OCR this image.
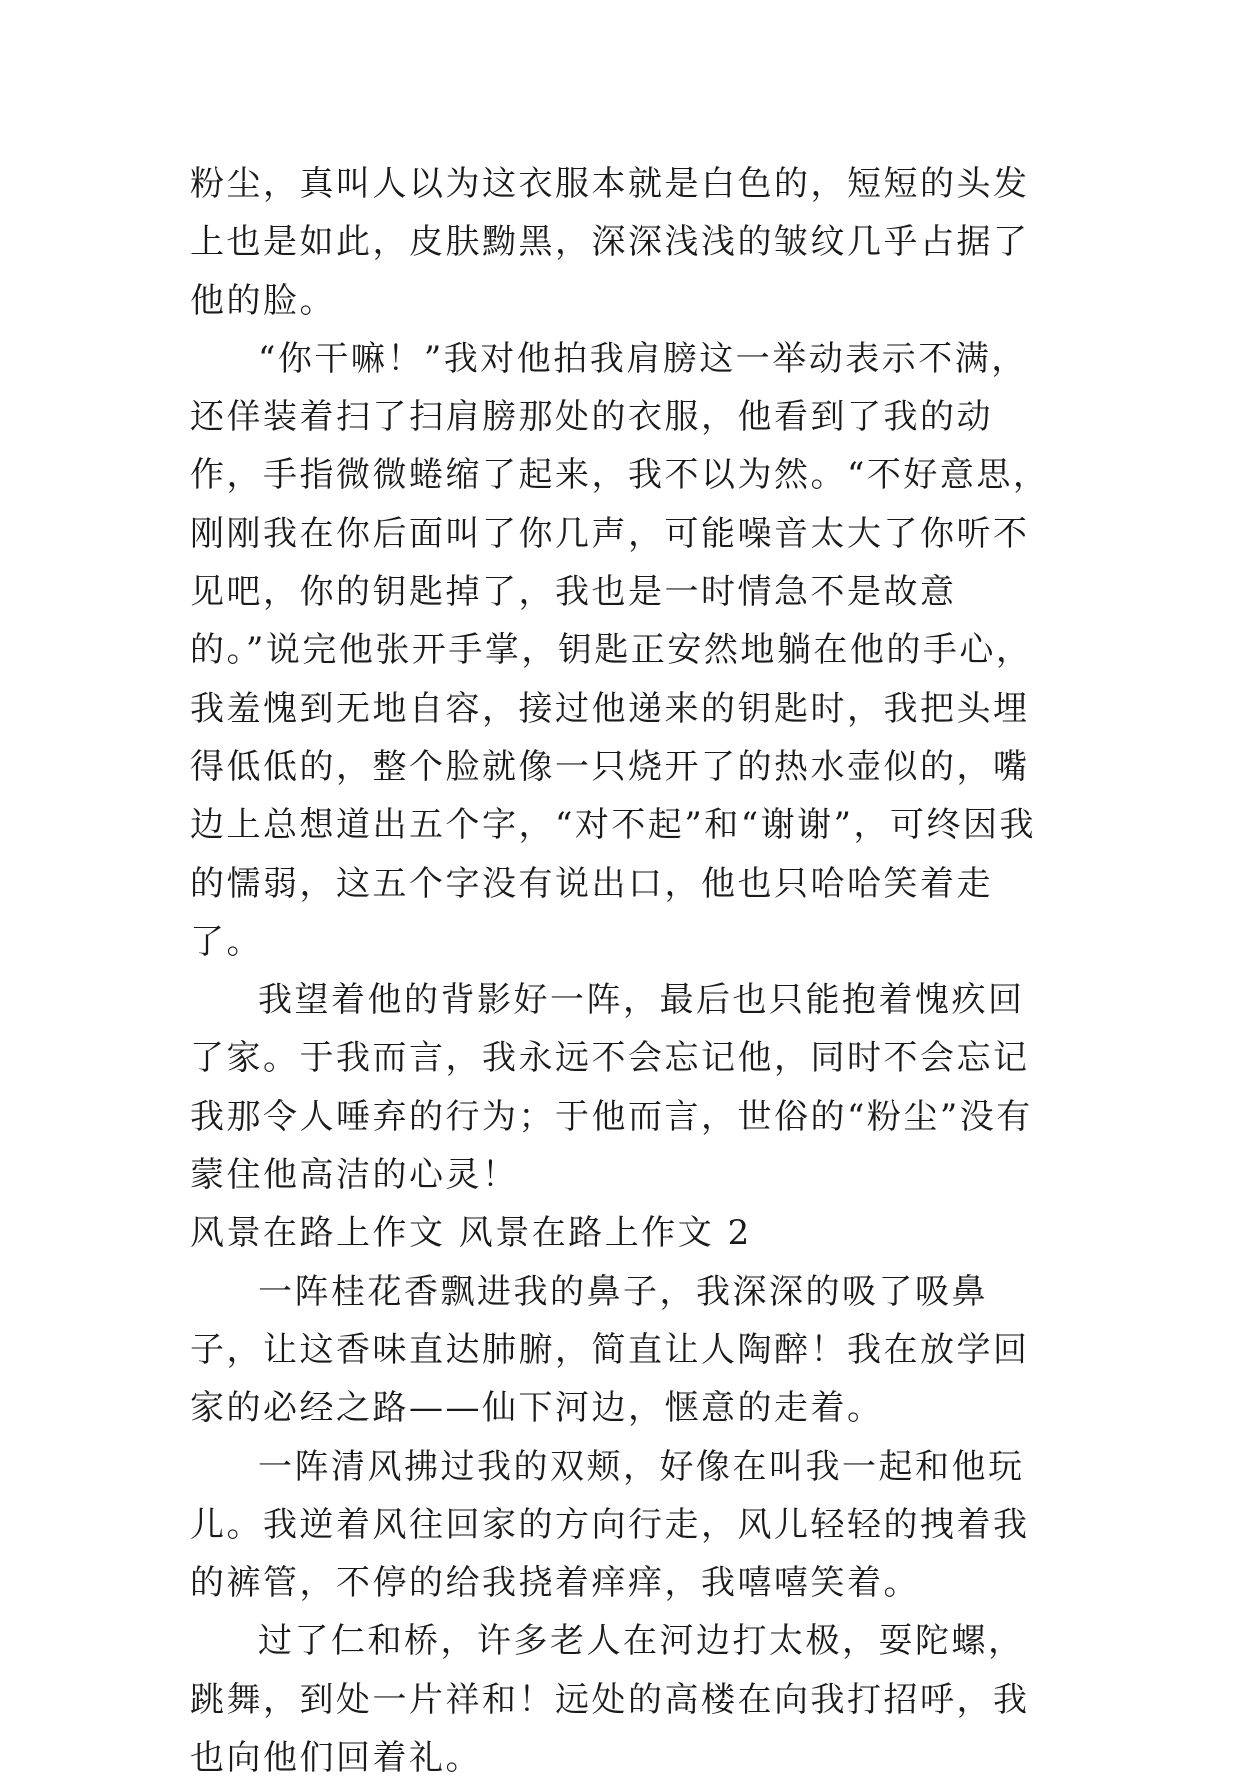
粉尘，真叫人以为这衣服本就是白色的，短短的头发上也是如此，皮肤黝黑，深深浅浅的皱纹几乎占据了他的脸。

“你干嘛！”我对他拍我肩膀这一举动表示不满，还佯装着扫了扫肩膀那处的衣服，他看到了我的动作，手指微微蜷缩了起来，我不以为然。“不好意思，刚刚我在你后面叫了你几声，可能噪音太大了你听不见吧，你的钥匙掉了，我也是一时情急不是故意的。”说完他张开手掌，钥匙正安然地躺在他的手心，我羞愧到无地自容，接过他递来的钥匙时，我把头埋得低低的，整个脸就像一只烧开了的热水壶似的，嘴边上总想道出五个字，“对不起”和“谢谢”，可终因我的懦弱，这五个字没有说出口，他也只哈哈笑着走了。

我望着他的背影好一阵，最后也只能抱着愧疚回了家。于我而言，我永远不会忘记他，同时不会忘记我那令人唾弃的行为；于他而言，世俗的“粉尘”没有蒙住他高洁的心灵！

风景在路上作文 风景在路上作文 2

一阵桂花香飘进我的鼻子，我深深的吸了吸鼻子，让这香味直达肺腑，简直让人陶醉！我在放学回家的必经之路——仙下河边，惬意的走着。

一阵清风拂过我的双颊，好像在叫我一起和他玩儿。我逆着风往回家的方向行走，风儿轻轻的拽着我的裤管，不停的给我挠着痒痒，我嘻嘻笑着。

过了仁和桥，许多老人在河边打太极，耍陀螺，跳舞，到处一片祥和！远处的高楼在向我打招呼，我也向他们回着礼。
